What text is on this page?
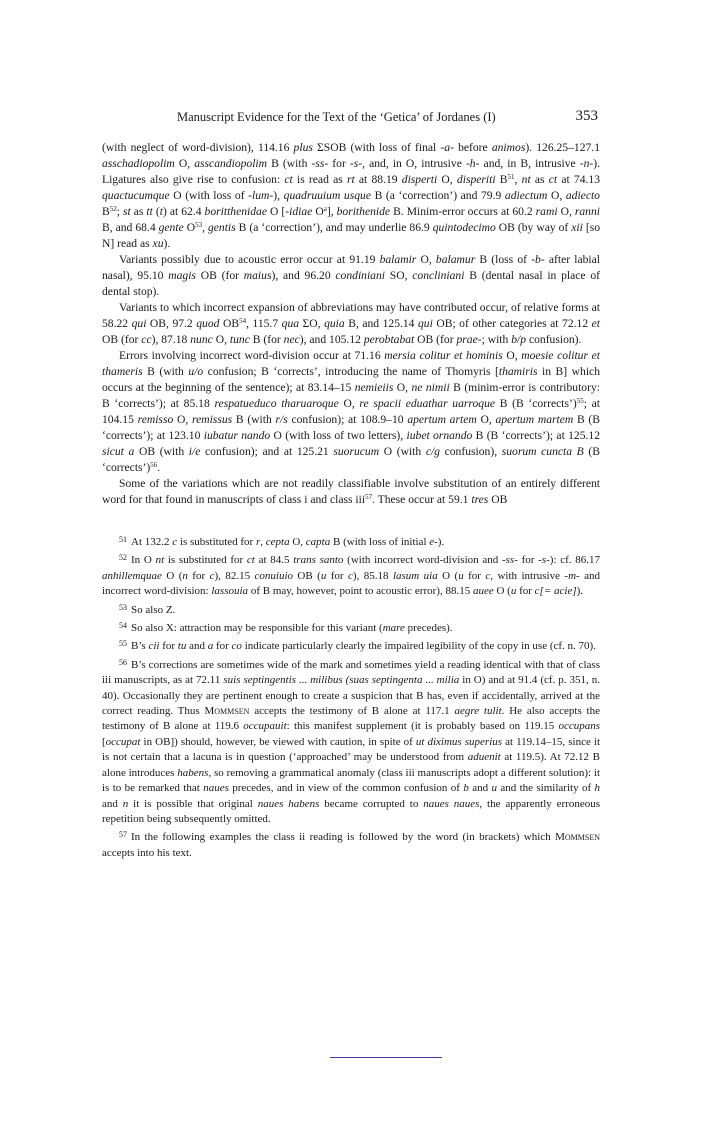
Manuscript Evidence for the Text of the ‘Getica’ of Jordanes (I)	353

(with neglect of word-division), 114.16 plus ΣSOB (with loss of final -a- before animos). 126.25–127.1 asschadiopolim O, asscandiopolim B (with -ss- for -s-, and, in O, intrusive -h- and, in B, intrusive -n-). Ligatures also give rise to confusion: ct is read as rt at 88.19 disperti O, disperiti $B^{51}$, nt as ct at 74.13 quactucumque O (with loss of -lum-), quadruuium usque B (a ‘correction’) and 79.9 adiectum O, adiecto $B^{52}$; st as tt (t) at 62.4 boritthenidae O [-idiae $O^a$], borithenide B. Minim-error occurs at 60.2 rami O, ranni B, and 68.4 gente $O^{53}$, gentis B (a ‘correction’), and may underlie 86.9 quintodecimo OB (by way of xii [so N] read as xu).

Variants possibly due to acoustic error occur at 91.19 balamir O, balamur B (loss of -b- after labial nasal), 95.10 magis OB (for maius), and 96.20 condiniani SO, concliniani B (dental nasal in place of dental stop).

Variants to which incorrect expansion of abbreviations may have contributed occur, of relative forms at 58.22 qui OB, 97.2 quod OB$^{54}$, 115.7 qua ΣO, quia B, and 125.14 qui OB; of other categories at 72.12 et OB (for cc), 87.18 nunc O, tunc B (for nec), and 105.12 perobtabat OB (for prae-; with b/p confusion).

Errors involving incorrect word-division occur at 71.16 mersia colitur et hominis O, moesie colitur et thameris B (with u/o confusion; B ‘corrects’, introducing the name of Thomyris [thamiris in B] which occurs at the beginning of the sentence); at 83.14–15 nemieiis O, ne nimii B (minim-error is contributory: B ‘corrects’); at 85.18 respatueduco tharuaroque O, re spacii eduathar uarroque B (B ‘corrects’)$^{55}$; at 104.15 remisso O, remissus B (with r/s confusion); at 108.9–10 apertum artem O, apertum martem B (B ‘corrects’); at 123.10 iubatur nando O (with loss of two letters), iubet ornando B (B ‘corrects’); at 125.12 sicut a OB (with i/e confusion); and at 125.21 suorucum O (with c/g confusion), suorum cuncta B (B ‘corrects’)$^{56}$.

Some of the variations which are not readily classifiable involve substitution of an entirely different word for that found in manuscripts of class i and class iii$^{57}$. These occur at 59.1 tres OB

$^{51}$ At 132.2 c is substituted for r, cepta O, capta B (with loss of initial e-).

$^{52}$ In O nt is substituted for ct at 84.5 trans santo (with incorrect word-division and -ss- for -s-): cf. 86.17 anhillemquae O (n for c), 82.15 conuiuio OB (u for c), 85.18 lasum uia O (u for c, with intrusive -m- and incorrect word-division: lassouia of B may, however, point to acoustic error), 88.15 auee O (u for c[= acie]).

$^{53}$ So also Z.

$^{54}$ So also X: attraction may be responsible for this variant (mare precedes).

$^{55}$ B’s cii for tu and a for co indicate particularly clearly the impaired legibility of the copy in use (cf. n. 70).

$^{56}$ B’s corrections are sometimes wide of the mark and sometimes yield a reading identical with that of class iii manuscripts, as at 72.11 suis septingentis ... milibus (suas septingenta ... milia in O) and at 91.4 (cf. p. 351, n. 40). Occasionally they are pertinent enough to create a suspicion that B has, even if accidentally, arrived at the correct reading. Thus Mommsen accepts the testimony of B alone at 117.1 aegre tulit. He also accepts the testimony of B alone at 119.6 occupauit: this manifest supplement (it is probably based on 119.15 occupans [occupat in OB]) should, however, be viewed with caution, in spite of ut diximus superius at 119.14–15, since it is not certain that a lacuna is in question (‘approached’ may be understood from aduenit at 119.5). At 72.12 B alone introduces habens, so removing a grammatical anomaly (class iii manuscripts adopt a different solution): it is to be remarked that naues precedes, and in view of the common confusion of b and u and the similarity of h and n it is possible that original naues habens became corrupted to naues naues, the apparently erroneous repetition being subsequently omitted.

$^{57}$ In the following examples the class ii reading is followed by the word (in brackets) which Mommsen accepts into his text.
